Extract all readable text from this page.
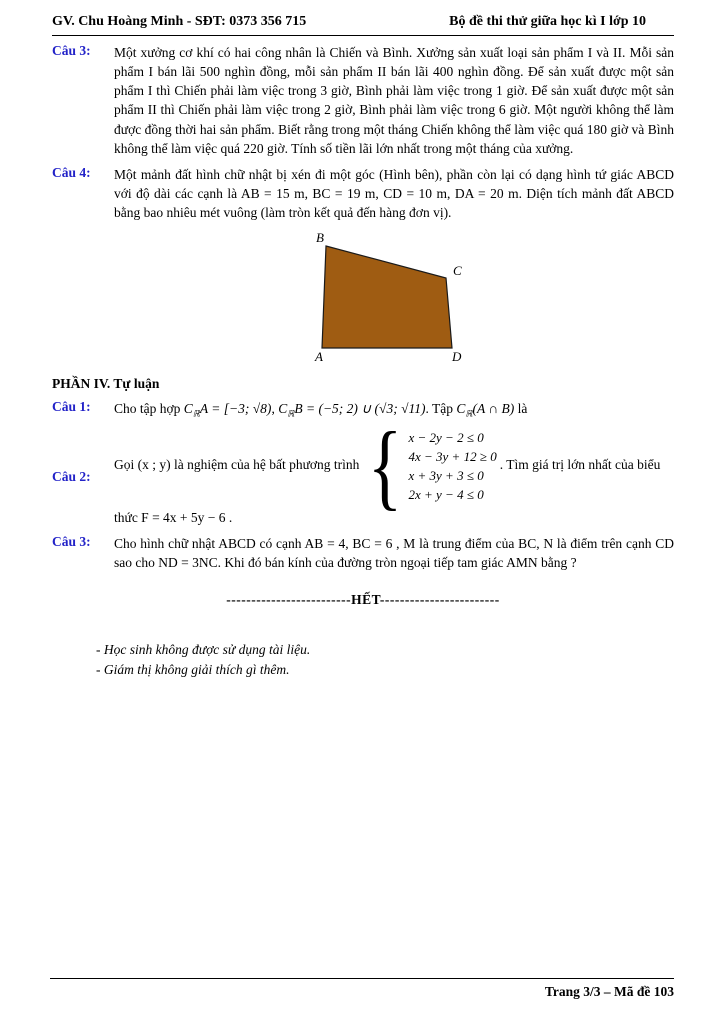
GV. Chu Hoàng Minh - SĐT: 0373 356 715	Bộ đề thi thử giữa học kì I lớp 10
Câu 3:	Một xưởng cơ khí có hai công nhân là Chiến và Bình. Xưởng sản xuất loại sản phẩm I và II. Mỗi sản phẩm I bán lãi 500 nghìn đồng, mỗi sản phẩm II bán lãi 400 nghìn đồng. Để sản xuất được một sản phẩm I thì Chiến phải làm việc trong 3 giờ, Bình phải làm việc trong 1 giờ. Để sản xuất được một sản phẩm II thì Chiến phải làm việc trong 2 giờ, Bình phải làm việc trong 6 giờ. Một người không thể làm được đồng thời hai sản phẩm. Biết rằng trong một tháng Chiến không thể làm việc quá 180 giờ và Bình không thể làm việc quá 220 giờ. Tính số tiền lãi lớn nhất trong một tháng của xưởng.
Câu 4:	Một mảnh đất hình chữ nhật bị xén đi một góc (Hình bên), phần còn lại có dạng hình tứ giác ABCD với độ dài các cạnh là AB = 15 m, BC = 19 m, CD = 10 m, DA = 20 m. Diện tích mảnh đất ABCD bằng bao nhiêu mét vuông (làm tròn kết quả đến hàng đơn vị).
B
C
A	D
PHẦN IV. Tự luận
Câu 1:	Cho tập hợp $C_ℝA = [-3$; √8), $C_ℝB = (-5$; 2) ∪ (√3; √11). Tập $C_ℝ(A$ ∩ B) là
Câu 2:
Gọi (x ; y) là nghiệm của hệ bất phương trình { x − 2y − 2 ≤ 0
4x − 3y + 12 ≥ 0
x + 3y + 3 ≤ 0
2x + y − 4 ≤ 0
. Tìm giá trị lớn nhất của biểu
thức F = 4x + 5y − 6 .
Câu 3:	Cho hình chữ nhật ABCD có cạnh AB = 4, BC = 6 , M là trung điểm của BC, N là điểm trên cạnh CD sao cho ND = 3NC. Khi đó bán kính của đường tròn ngoại tiếp tam giác AMN bằng ?
-------------------------HẾT------------------------
- Học sinh không được sử dụng tài liệu.
- Giám thị không giải thích gì thêm.
Trang 3/3 – Mã đề 103
